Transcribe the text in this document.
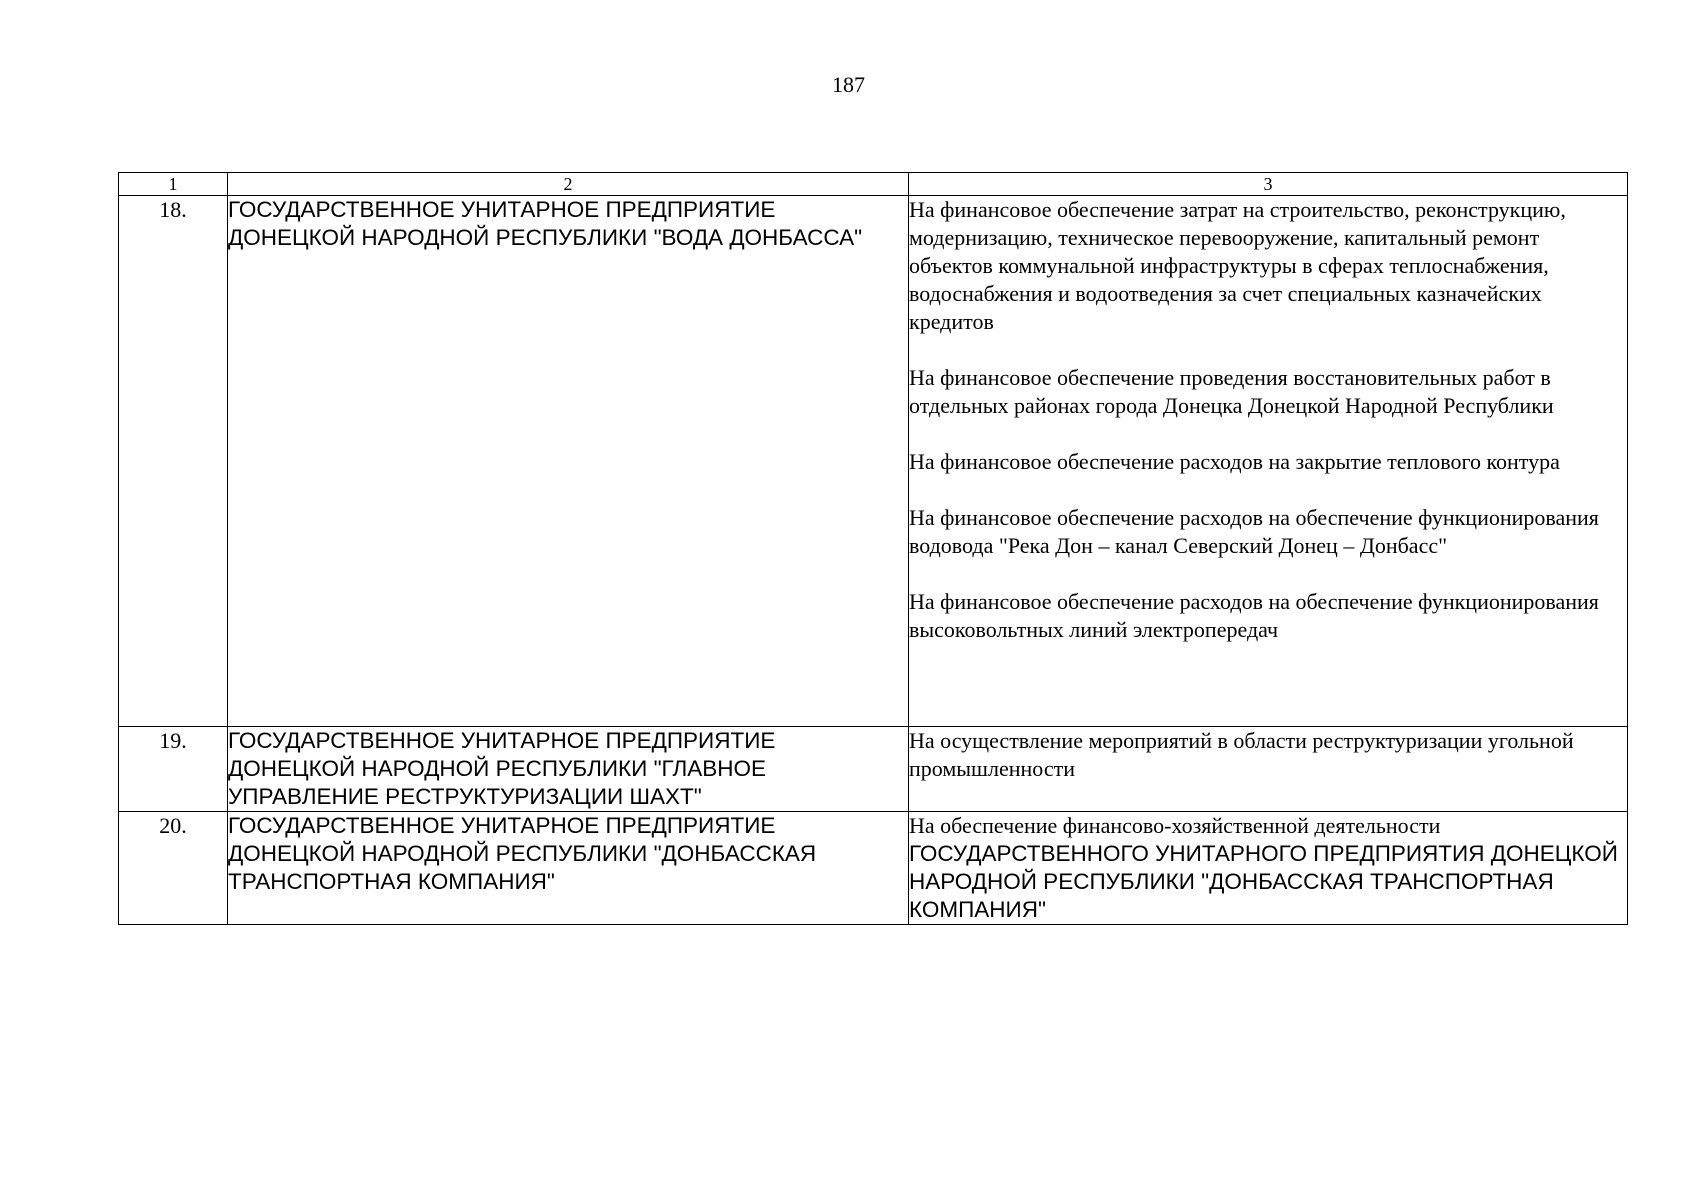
187
1	2	3
18.	ГОСУДАРСТВЕННОЕ УНИТАРНОЕ ПРЕДПРИЯТИЕ ДОНЕЦКОЙ НАРОДНОЙ РЕСПУБЛИКИ "ВОДА ДОНБАССА"	На финансовое обеспечение затрат на строительство, реконструкцию, модернизацию, техническое перевооружение, капитальный ремонт объектов коммунальной инфраструктуры в сферах теплоснабжения, водоснабжения и водоотведения за счет специальных казначейских кредитов

На финансовое обеспечение проведения восстановительных работ в отдельных районах города Донецка Донецкой Народной Республики

На финансовое обеспечение расходов на закрытие теплового контура

На финансовое обеспечение расходов на обеспечение функционирования водовода "Река Дон – канал Северский Донец – Донбасс"

На финансовое обеспечение расходов на обеспечение функционирования высоковольтных линий электропередач

19.	ГОСУДАРСТВЕННОЕ УНИТАРНОЕ ПРЕДПРИЯТИЕ ДОНЕЦКОЙ НАРОДНОЙ РЕСПУБЛИКИ "ГЛАВНОЕ УПРАВЛЕНИЕ РЕСТРУКТУРИЗАЦИИ ШАХТ"	На осуществление мероприятий в области реструктуризации угольной промышленности

20.	ГОСУДАРСТВЕННОЕ УНИТАРНОЕ ПРЕДПРИЯТИЕ ДОНЕЦКОЙ НАРОДНОЙ РЕСПУБЛИКИ "ДОНБАССКАЯ ТРАНСПОРТНАЯ КОМПАНИЯ"	На обеспечение финансово-хозяйственной деятельности ГОСУДАРСТВЕННОГО УНИТАРНОГО ПРЕДПРИЯТИЯ ДОНЕЦКОЙ НАРОДНОЙ РЕСПУБЛИКИ "ДОНБАССКАЯ ТРАНСПОРТНАЯ КОМПАНИЯ"
